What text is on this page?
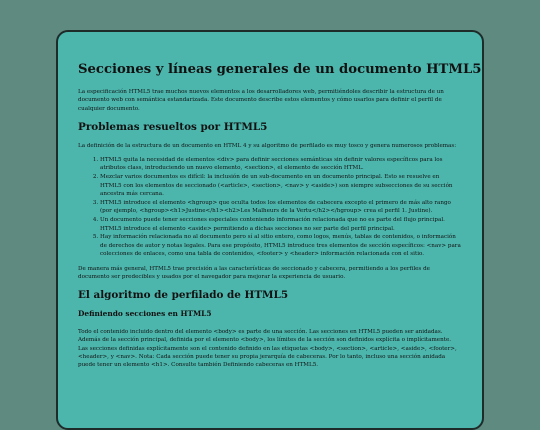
Secciones y líneas generales de un documento HTML5

La especificación HTML5 trae muchos nuevos elementos a los desarrolladores web, permitiéndoles describir la estructura de un documento web con semántica estandarizada. Este documento describe estos elementos y cómo usarlos para definir el perfil de cualquier documento.

Problemas resueltos por HTML5

La definición de la estructura de un documento en HTML 4 y su algoritmo de perfilado es muy tosco y genera numerosos problemas:

1. HTML5 quita la necesidad de elementos <div> para definir secciones semánticas sin definir valores específicos para los atributos class, introduciendo un nuevo elemento, <section>, el elemento de sección HTML.
2. Mezclar varios documentos es difícil: la inclusión de un sub-documento en un documento principal. Esto se resuelve en HTML5 con los elementos de seccionado (<article>, <section>, <nav> y <aside>) son siempre subsecciones de su sección ancestra más cercana.
3. HTML5 introduce el elemento <hgroup> que oculta todos los elementos de cabecera excepto el primero de más alto rango (por ejemplo, <hgroup><h1>Justine</h1><h2>Les Malheurs de la Vertu</h2></hgroup> crea el perfil 1. Justine).
4. Un documento puede tener secciones especiales conteniendo información relacionada que no es parte del flujo principal. HTML5 introduce el elemento <aside> permitiendo a dichas secciones no ser parte del perfil principal.
5. Hay información relacionada no al documento pero sí al sitio entero, como logos, menús, tablas de contenidos, o información de derechos de autor y notas legales. Para ese propósito, HTML5 introduce tres elementos de sección específicos: <nav> para colecciones de enlaces, como una tabla de contenidos, <footer> y <header> información relacionada con el sitio.

De manera más general, HTML5 trae precisión a las características de seccionado y cabecera, permitiendo a los perfiles de documento ser predecibles y usados por el navegador para mejorar la experiencia de usuario.

El algoritmo de perfilado de HTML5
Definiendo secciones en HTML5

Todo el contenido incluido dentro del elemento <body> es parte de una sección. Las secciones en HTML5 pueden ser anidadas. Además de la sección principal, definida por el elemento <body>, los límites de la sección son definidos explícita o implícitamente. Las secciones definidas explícitamente son el contenido definido en las etiquetas <body>, <section>, <article>, <aside>, <footer>, <header>, y <nav>. Nota: Cada sección puede tener su propia jerarquía de cabeceras. Por lo tanto, incluso una sección anidada puede tener un elemento <h1>. Consulte también Definiendo cabeceras en HTML5.
